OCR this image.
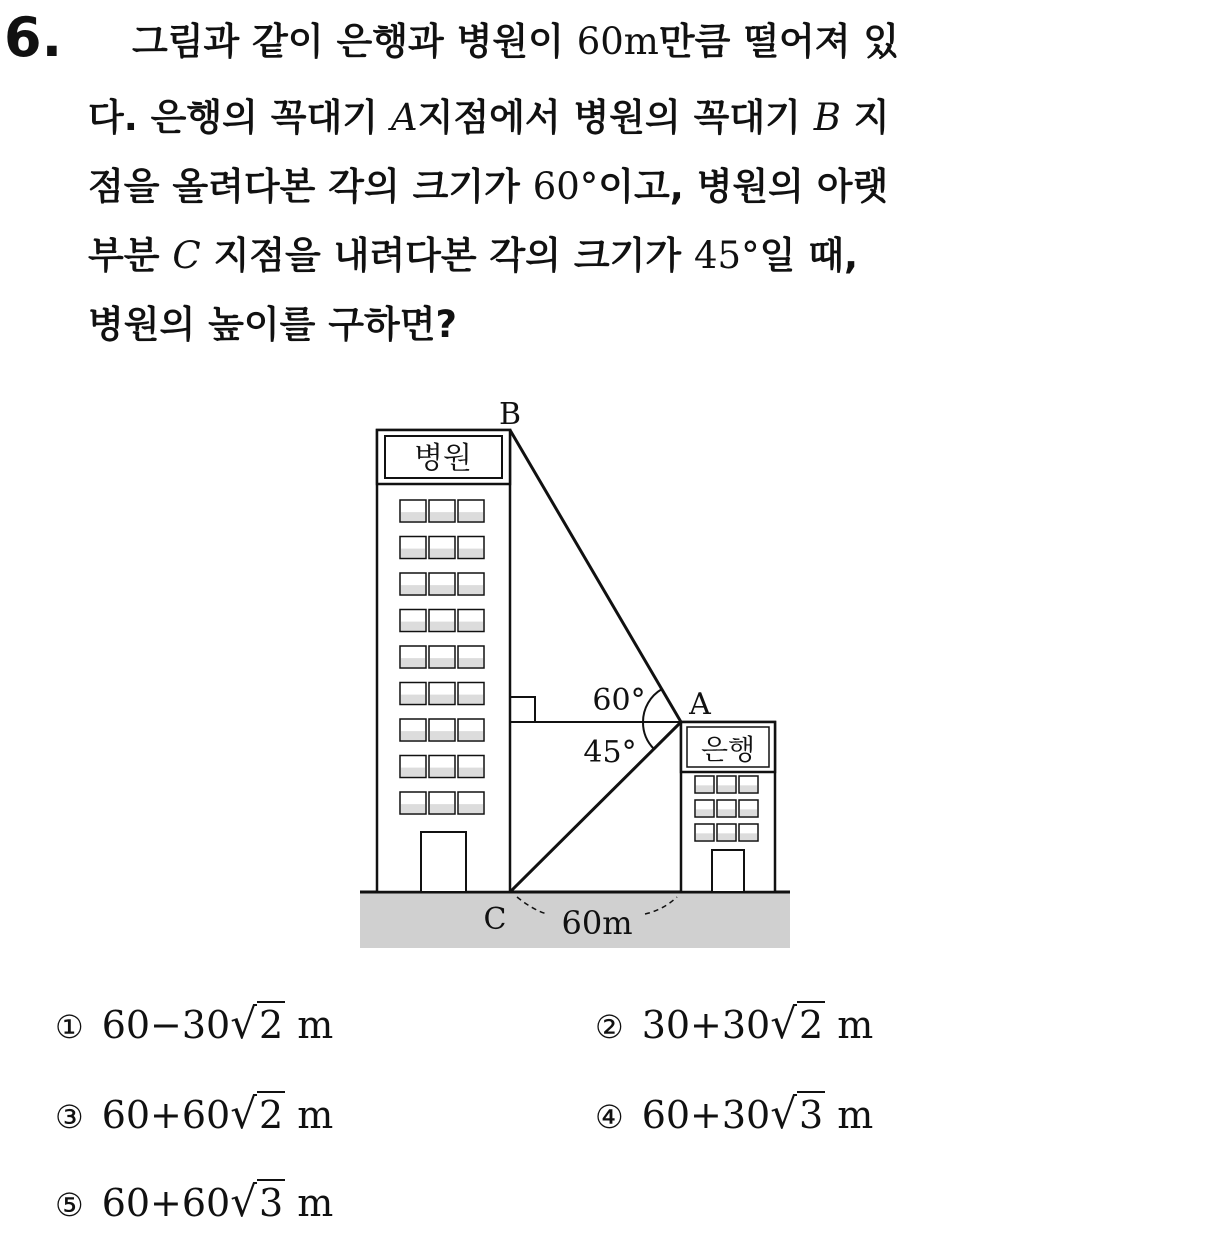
6. 그림과 같이 은행과 병원이 60m만큼 떨어져 있
다. 은행의 꼭대기 A지점에서 병원의 꼭대기 B 지
점을 올려다본 각의 크기가 60°이고, 병원의 아랫
부분 C 지점을 내려다본 각의 크기가 45°일 때,
병원의 높이를 구하면?
병원
은행
B
A
C
60°
45°
60m
① 60−30√2 m	② 30+30√2 m
③ 60+60√2 m	④ 60+30√3 m
⑤ 60+60√3 m
